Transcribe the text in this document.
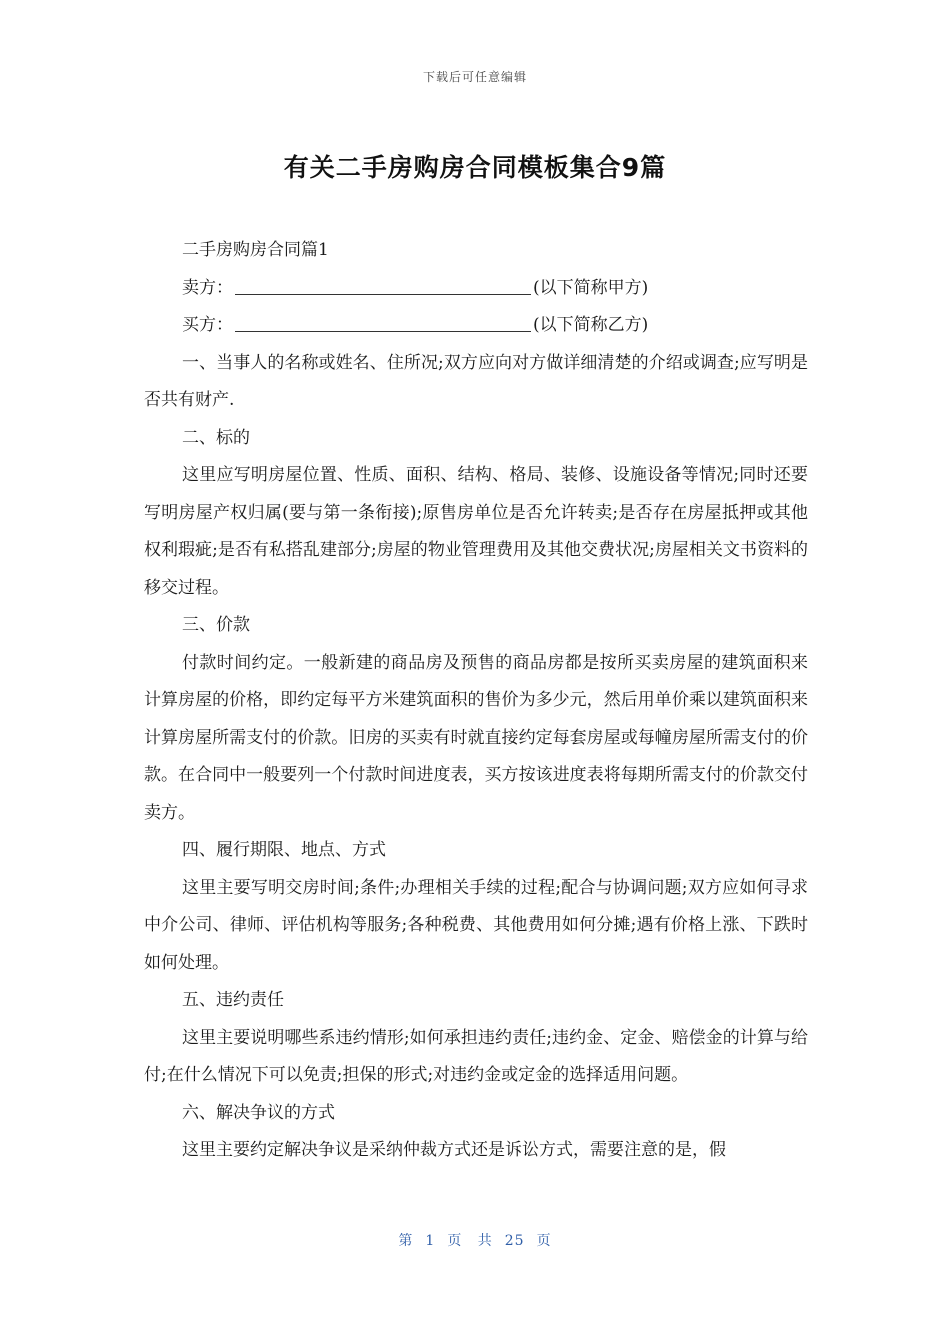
下载后可任意编辑
有关二手房购房合同模板集合9篇

二手房购房合同篇1

卖方：	(以下简称甲方)

买方：	(以下简称乙方)

一、当事人的名称或姓名、住所况;双方应向对方做详细清楚的介绍或调查;应写明是否共有财产.

二、标的

这里应写明房屋位置、性质、面积、结构、格局、装修、设施设备等情况;同时还要写明房屋产权归属(要与第一条衔接);原售房单位是否允许转卖;是否存在房屋抵押或其他权利瑕疵;是否有私搭乱建部分;房屋的物业管理费用及其他交费状况;房屋相关文书资料的移交过程。

三、价款

付款时间约定。一般新建的商品房及预售的商品房都是按所买卖房屋的建筑面积来计算房屋的价格，即约定每平方米建筑面积的售价为多少元，然后用单价乘以建筑面积来计算房屋所需支付的价款。旧房的买卖有时就直接约定每套房屋或每幢房屋所需支付的价款。在合同中一般要列一个付款时间进度表，买方按该进度表将每期所需支付的价款交付卖方。

四、履行期限、地点、方式

这里主要写明交房时间;条件;办理相关手续的过程;配合与协调问题;双方应如何寻求中介公司、律师、评估机构等服务;各种税费、其他费用如何分摊;遇有价格上涨、下跌时如何处理。

五、违约责任

这里主要说明哪些系违约情形;如何承担违约责任;违约金、定金、赔偿金的计算与给付;在什么情况下可以免责;担保的形式;对违约金或定金的选择适用问题。

六、解决争议的方式

这里主要约定解决争议是采纳仲裁方式还是诉讼方式，需要注意的是，假

第 1 页 共 25 页
